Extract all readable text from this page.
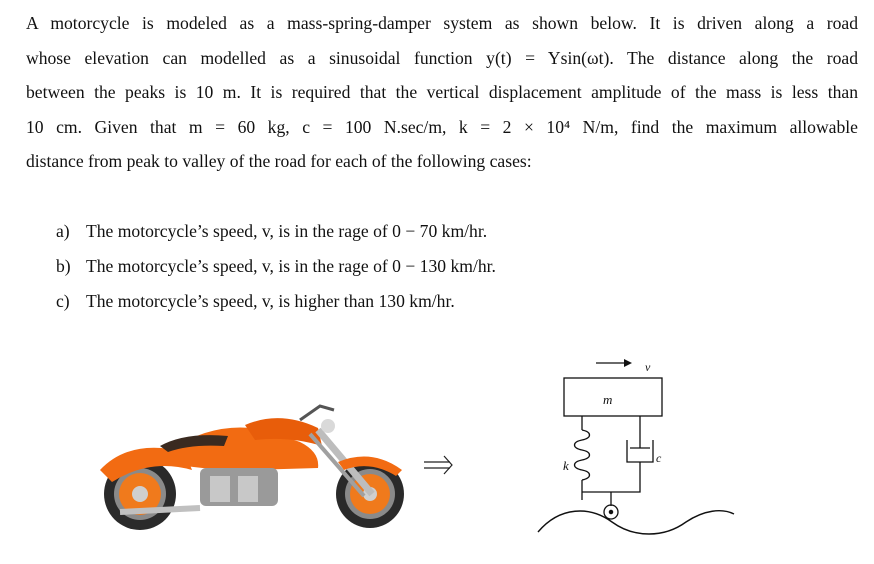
A motorcycle is modeled as a mass-spring-damper system as shown below. It is driven along a road
whose elevation can modelled as a sinusoidal function y(t) = Ysin(ωt). The distance along the road
between the peaks is 10 m. It is required that the vertical displacement amplitude of the mass is less than
10 cm. Given that m = 60 kg, c = 100 N.sec/m, k = 2 × 10⁴ N/m, find the maximum allowable
distance from peak to valley of the road for each of the following cases:
a) The motorcycle’s speed, v, is in the rage of 0 − 70 km/hr.
b) The motorcycle’s speed, v, is in the rage of 0 − 130 km/hr.
c) The motorcycle’s speed, v, is higher than 130 km/hr.
v
m
k	c
